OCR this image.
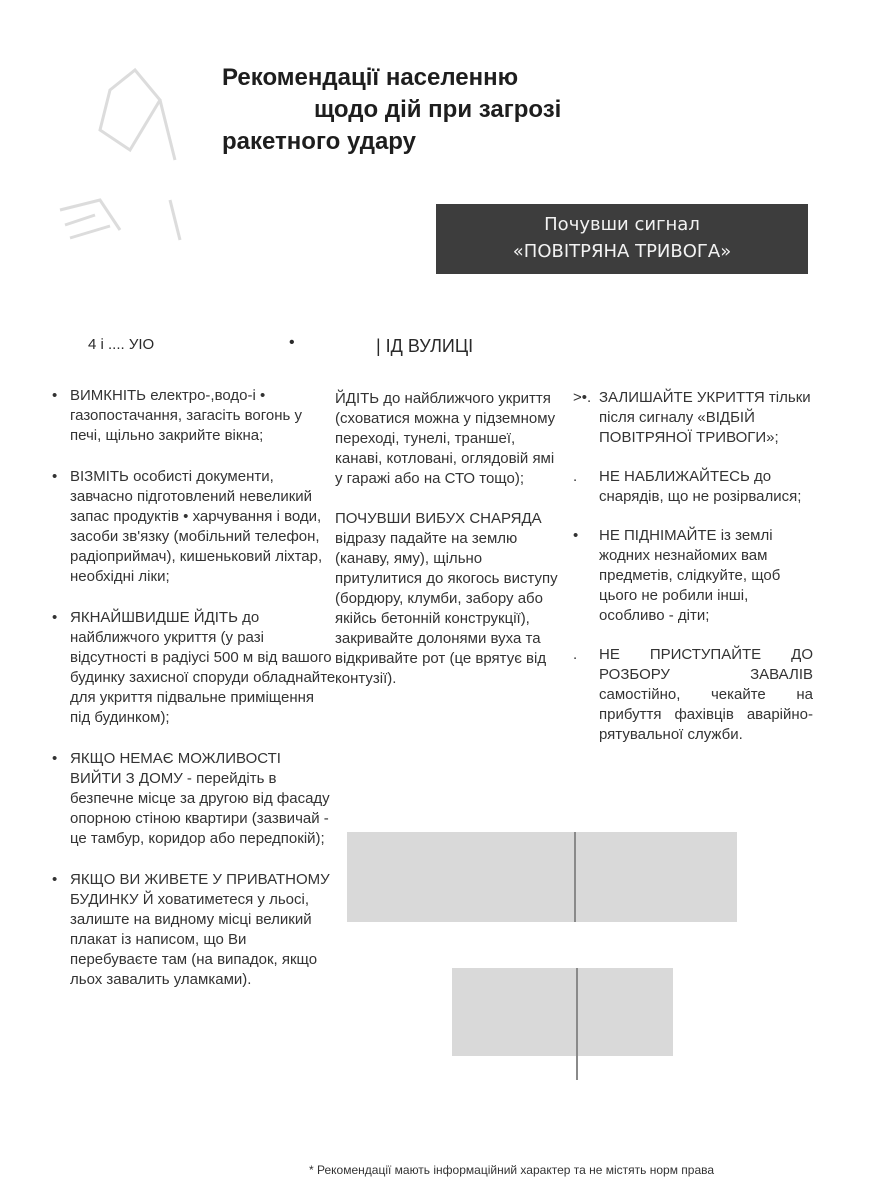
Рекомендації населенню
щодо дій при загрозі
ракетного удару
Почувши сигнал
«ПОВІТРЯНА ТРИВОГА»
4 і .... УІО	•	| ІД ВУЛИЦІ

• ВИМКНІТЬ електро-,водо-і • газопостачання, загасіть вогонь у печі, щільно закрийте вікна;

• ВІЗМІТЬ особисті документи, завчасно підготовлений невеликий запас продуктів • харчування і води, засоби зв'язку (мобільний телефон, радіоприймач), кишеньковий ліхтар, необхідні ліки;

• ЯКНАЙШВИДШЕ ЙДІТЬ до найближчого укриття (у разі відсутності в радіусі 500 м від вашого будинку захисної споруди обладнайте для укриття підвальне приміщення під будинком);

• ЯКЩО НЕМАЄ МОЖЛИВОСТІ ВИЙТИ З ДОМУ - перейдіть в безпечне місце за другою від фасаду опорною стіною квартири (зазвичай - це тамбур, коридор або передпокій);

• ЯКЩО ВИ ЖИВЕТЕ У ПРИВАТНОМУ БУДИНКУ Й ховатиметеся у льосі, залиште на видному місці великий плакат із написом, що Ви перебуваєте там (на випадок, якщо льох завалить уламками).

ЙДІТЬ до найближчого укриття (сховатися можна у підземному переході, тунелі, траншеї, канаві, котловані, оглядовій ямі у гаражі або на СТО тощо);

ПОЧУВШИ ВИБУХ СНАРЯДА
відразу падайте на землю (канаву, яму), щільно притулитися до якогось виступу (бордюру, клумби, забору або якійсь бетонній конструкції), закривайте долонями вуха та відкривайте рот (це врятує від контузії).

>•. ЗАЛИШАЙТЕ УКРИТТЯ тільки після сигналу «ВІДБІЙ ПОВІТРЯНОЇ ТРИВОГИ»;

.	НЕ НАБЛИЖАЙТЕСЬ до снарядів, що не розірвалися;

•	НЕ ПІДНІМАЙТЕ із землі жодних незнайомих вам предметів, слідкуйте, щоб цього не робили інші, особливо - діти;

.	НЕ ПРИСТУПАЙТЕ ДО РОЗБОРУ ЗАВАЛІВ самостійно, чекайте на прибуття фахівців аварійно-рятувальної служби.

* Рекомендації мають інформаційний характер та не містять норм права
